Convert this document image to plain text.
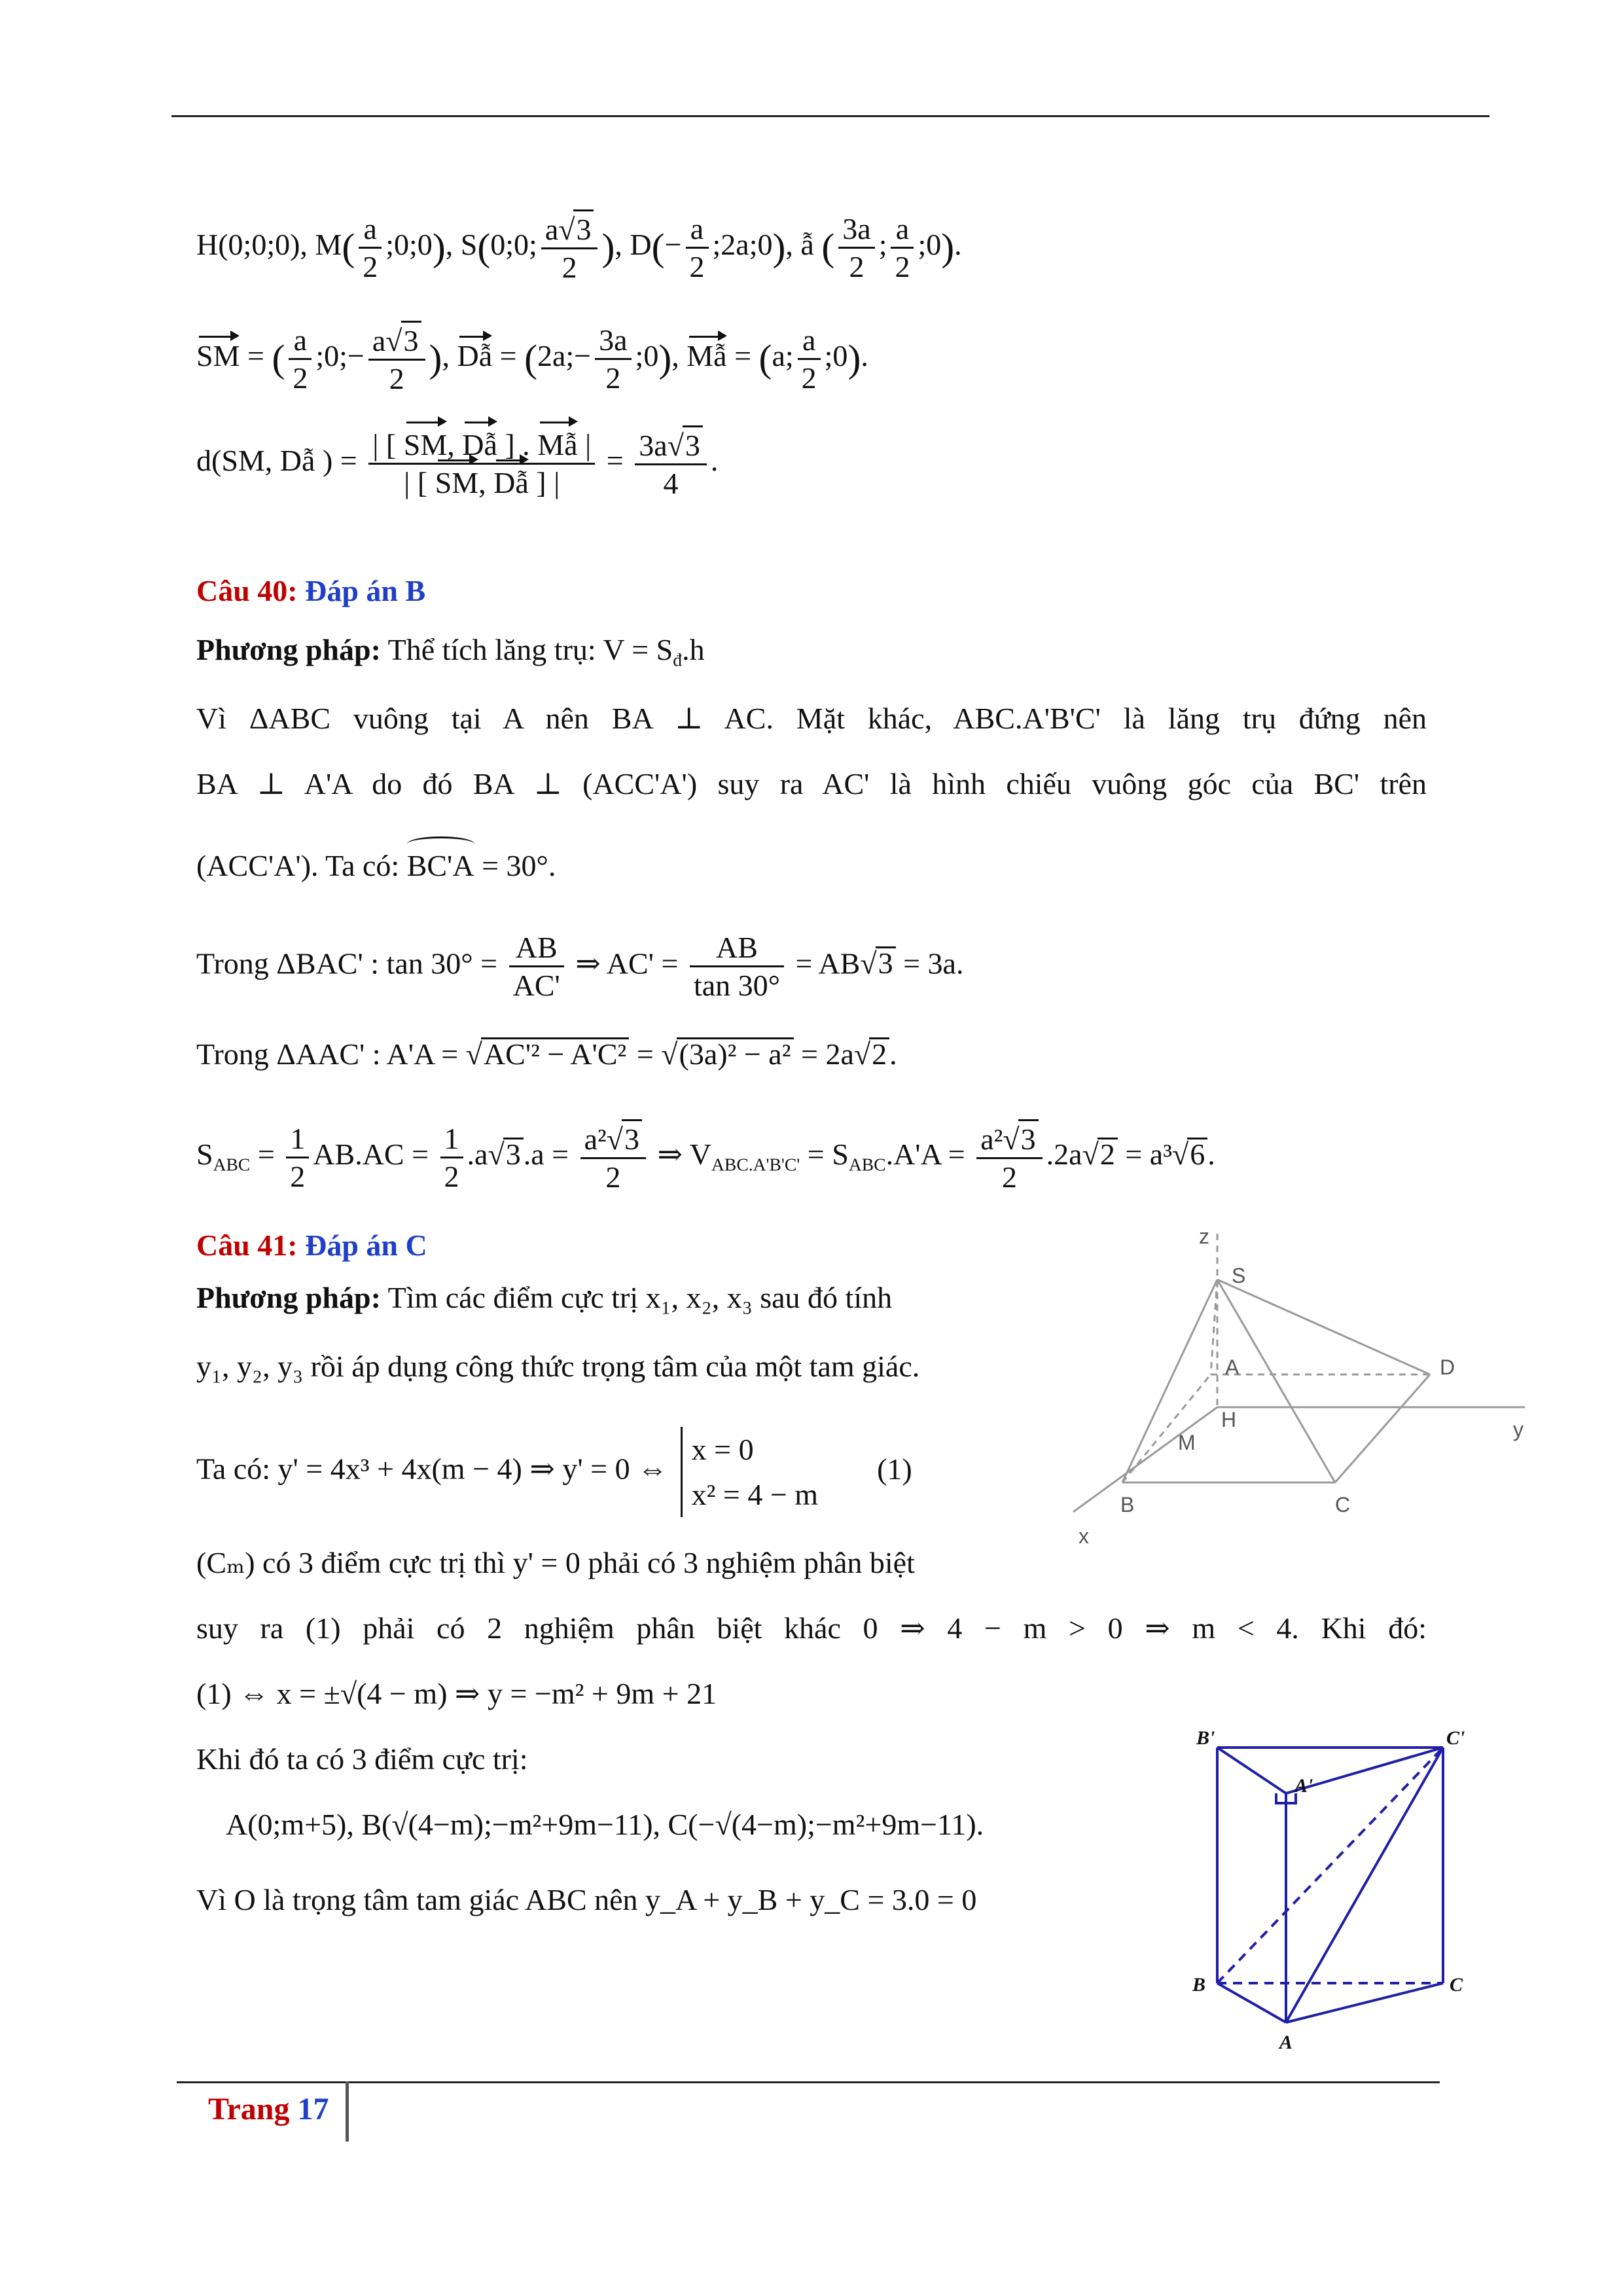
H(0;0;0), $M( \frac{a}{2}$ ;0;0), S(0;0; $\frac{a√3}{2}$ ), $D(- \frac{a}{2}$ ;2a;0), ẫ ( $\frac{3a}{2}$ ; $\frac{a}{2}$ ;0).
SM = ( $\frac{a}{2}$ ;0;− $\frac{a√3}{2}$ ), Dẫ = (2a;− $\frac{3a}{2}$ ;0), Mẫ = (a; $\frac{a}{2}$ ;0).
d(SM, Dẫ ) = $\frac{\text{| [ SM, Dẫ ] . Mẫ |}}{\text{| [ SM, Dẫ ] |}} = \frac{3a√3}{4}$ .
Câu 40: Đáp án B
Phương pháp: Thể tích lăng trụ: $V = S_đ.h$
Vì ΔABC vuông tại A nên BA ⊥ AC. Mặt khác, ABC.A'B'C' là lăng trụ đứng nên
BA ⊥ A'A do đó BA ⊥ (ACC'A') suy ra AC' là hình chiếu vuông góc của BC' trên
(ACC'A'). Ta có: BC'A = 30°.
Trong ΔBAC' : $\tan 30^\circ = \frac{AB}{AC'}$ ⇒ $AC' = \frac{AB}{\tan 30^\circ} = AB√3 = 3a$.
Trong ΔAAC' : A'A = √AC'² − A'C² = √(3a)² − a² = 2a√2.
$S_{ABC} = \frac{1}{2} AB.AC = \frac{1}{2} .a√3.a = \frac{\text{a²√3}}{2}$ ⇒ $V_{ABC.A'B'C'} = S_{ABC}.A'A = \frac{\text{a²√3}}{2} .2a√2 = a^3√6$.
Câu 41: Đáp án C
Phương pháp: Tìm các điểm cực trị x₁, x₂, x₃ sau đó tính
y₁, y₂, y₃ rồi áp dụng công thức trọng tâm của một tam giác.
Ta có: y' = 4x³ + 4x(m − 4) ⇒ y' = 0 ⇔ x = 0
x² = 4 − m(1)
(Cₘ) có 3 điểm cực trị thì y' = 0 phải có 3 nghiệm phân biệt
suy ra (1) phải có 2 nghiệm phân biệt khác 0 ⇒ 4 − m > 0 ⇒ m < 4. Khi đó:
(1) ⇔ x = ±√(4 − m) ⇒ y = −m² + 9m + 21
Khi đó ta có 3 điểm cực trị:
A(0;m+5), B(√(4−m);−m²+9m−11), C(−√(4−m);−m²+9m−11).
Vì O là trọng tâm tam giác ABC nên y_A + y_B + y_C = 3.0 = 0
z
S
A	D
H
M
y
B	C
x
B'	C'
A'
B	C
A
Trang 17
